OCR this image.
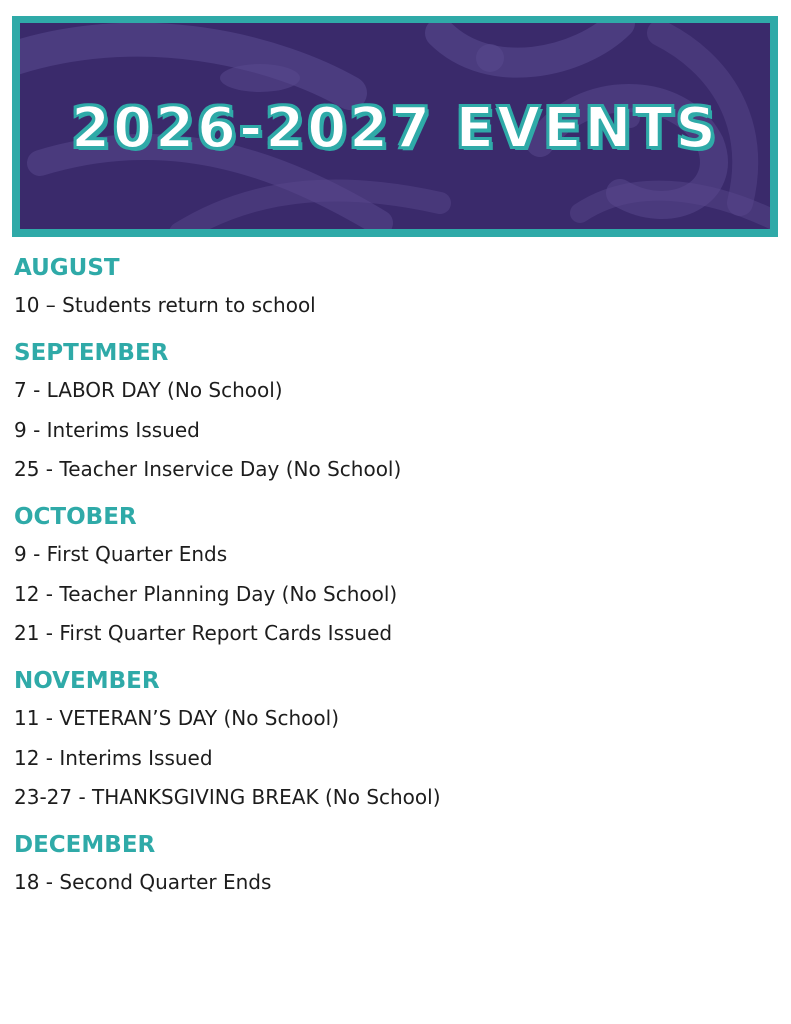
2026-2027 EVENTS
AUGUST
10 – Students return to school
SEPTEMBER
7 - LABOR DAY (No School)
9 - Interims Issued
25 - Teacher Inservice Day (No School)
OCTOBER
9 - First Quarter Ends
12 - Teacher Planning Day (No School)
21 - First Quarter Report Cards Issued
NOVEMBER
11 - VETERAN’S DAY (No School)
12 - Interims Issued
23-27 - THANKSGIVING BREAK (No School)
DECEMBER
18 - Second Quarter Ends
